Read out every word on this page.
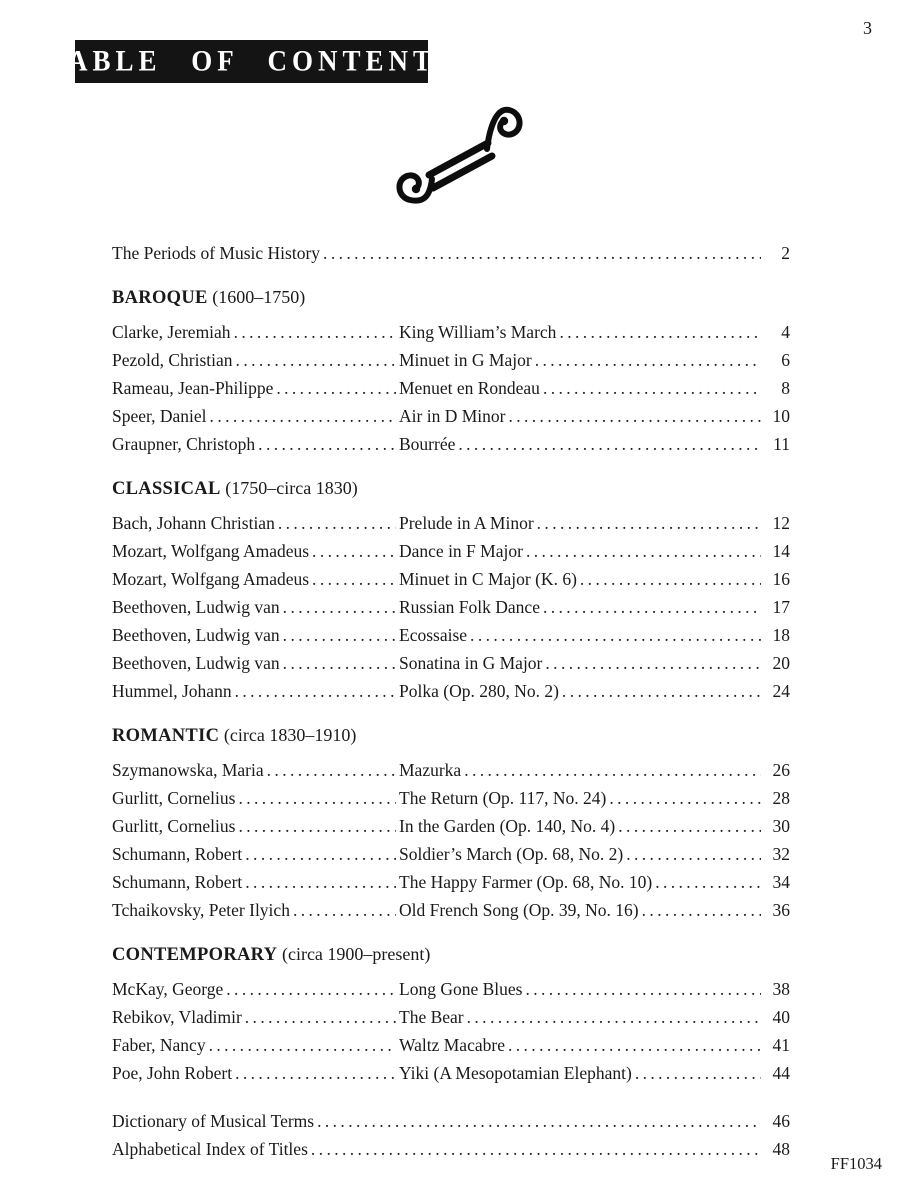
3
TABLE OF CONTENTS
The Periods of Music History .....	2
BAROQUE (1600–1750)
Clarke, Jeremiah .....	King William’s March .....	4
Pezold, Christian .....	Minuet in G Major .....	6
Rameau, Jean-Philippe .....	Menuet en Rondeau .....	8
Speer, Daniel .....	Air in D Minor .....	10
Graupner, Christoph .....	Bourrée .....	11
CLASSICAL (1750–circa 1830)
Bach, Johann Christian .....	Prelude in A Minor .....	12
Mozart, Wolfgang Amadeus .....	Dance in F Major .....	14
Mozart, Wolfgang Amadeus .....	Minuet in C Major (K. 6) .....	16
Beethoven, Ludwig van .....	Russian Folk Dance .....	17
Beethoven, Ludwig van .....	Ecossaise .....	18
Beethoven, Ludwig van .....	Sonatina in G Major .....	20
Hummel, Johann .....	Polka (Op. 280, No. 2) .....	24
ROMANTIC (circa 1830–1910)
Szymanowska, Maria .....	Mazurka .....	26
Gurlitt, Cornelius .....	The Return (Op. 117, No. 24) .....	28
Gurlitt, Cornelius .....	In the Garden (Op. 140, No. 4) .....	30
Schumann, Robert .....	Soldier’s March (Op. 68, No. 2) .....	32
Schumann, Robert .....	The Happy Farmer (Op. 68, No. 10) .....	34
Tchaikovsky, Peter Ilyich .....	Old French Song (Op. 39, No. 16) .....	36
CONTEMPORARY (circa 1900–present)
McKay, George .....	Long Gone Blues .....	38
Rebikov, Vladimir .....	The Bear .....	40
Faber, Nancy .....	Waltz Macabre .....	41
Poe, John Robert .....	Yiki (A Mesopotamian Elephant) .....	44
Dictionary of Musical Terms .....	46
Alphabetical Index of Titles .....	48
FF1034
